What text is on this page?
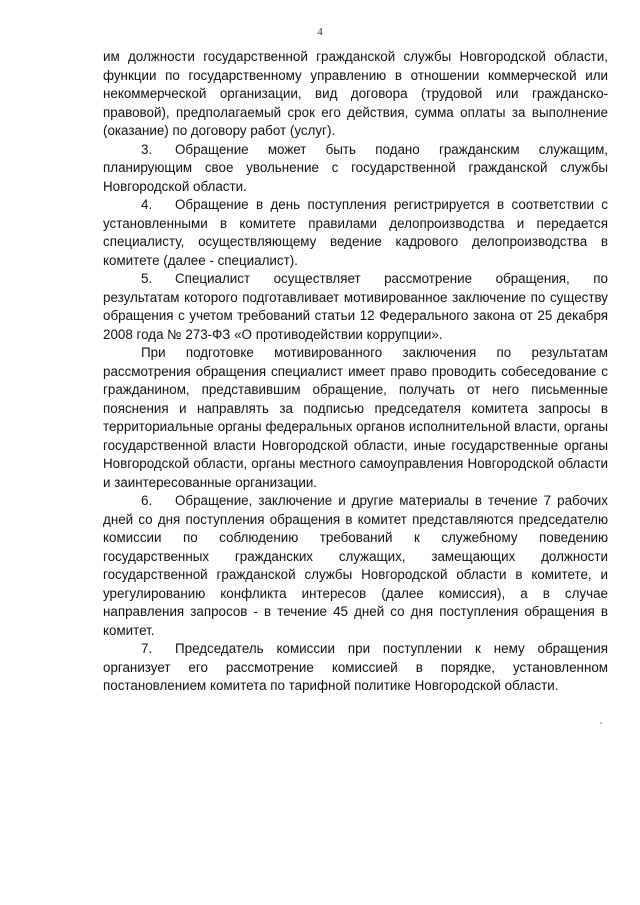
4

им должности государственной гражданской службы Новгородской области, функции по государственному управлению в отношении коммерческой или некоммерческой организации, вид договора (трудовой или гражданско-правовой), предполагаемый срок его действия, сумма оплаты за выполнение (оказание) по договору работ (услуг).

3. Обращение может быть подано гражданским служащим, планирующим свое увольнение с государственной гражданской службы Новгородской области.

4. Обращение в день поступления регистрируется в соответствии с установленными в комитете правилами делопроизводства и передается специалисту, осуществляющему ведение кадрового делопроизводства в комитете (далее - специалист).

5. Специалист осуществляет рассмотрение обращения, по результатам которого подготавливает мотивированное заключение по существу обращения с учетом требований статьи 12 Федерального закона от 25 декабря 2008 года № 273-ФЗ «О противодействии коррупции».

При подготовке мотивированного заключения по результатам рассмотрения обращения специалист имеет право проводить собеседование с гражданином, представившим обращение, получать от него письменные пояснения и направлять за подписью председателя комитета запросы в территориальные органы федеральных органов исполнительной власти, органы государственной власти Новгородской области, иные государственные органы Новгородской области, органы местного самоуправления Новгородской области и заинтересованные организации.

6. Обращение, заключение и другие материалы в течение 7 рабочих дней со дня поступления обращения в комитет представляются председателю комиссии по соблюдению требований к служебному поведению государственных гражданских служащих, замещающих должности государственной гражданской службы Новгородской области в комитете, и урегулированию конфликта интересов (далее комиссия), а в случае направления запросов - в течение 45 дней со дня поступления обращения в комитет.

7. Председатель комиссии при поступлении к нему обращения организует его рассмотрение комиссией в порядке, установленном постановлением комитета по тарифной политике Новгородской области.
